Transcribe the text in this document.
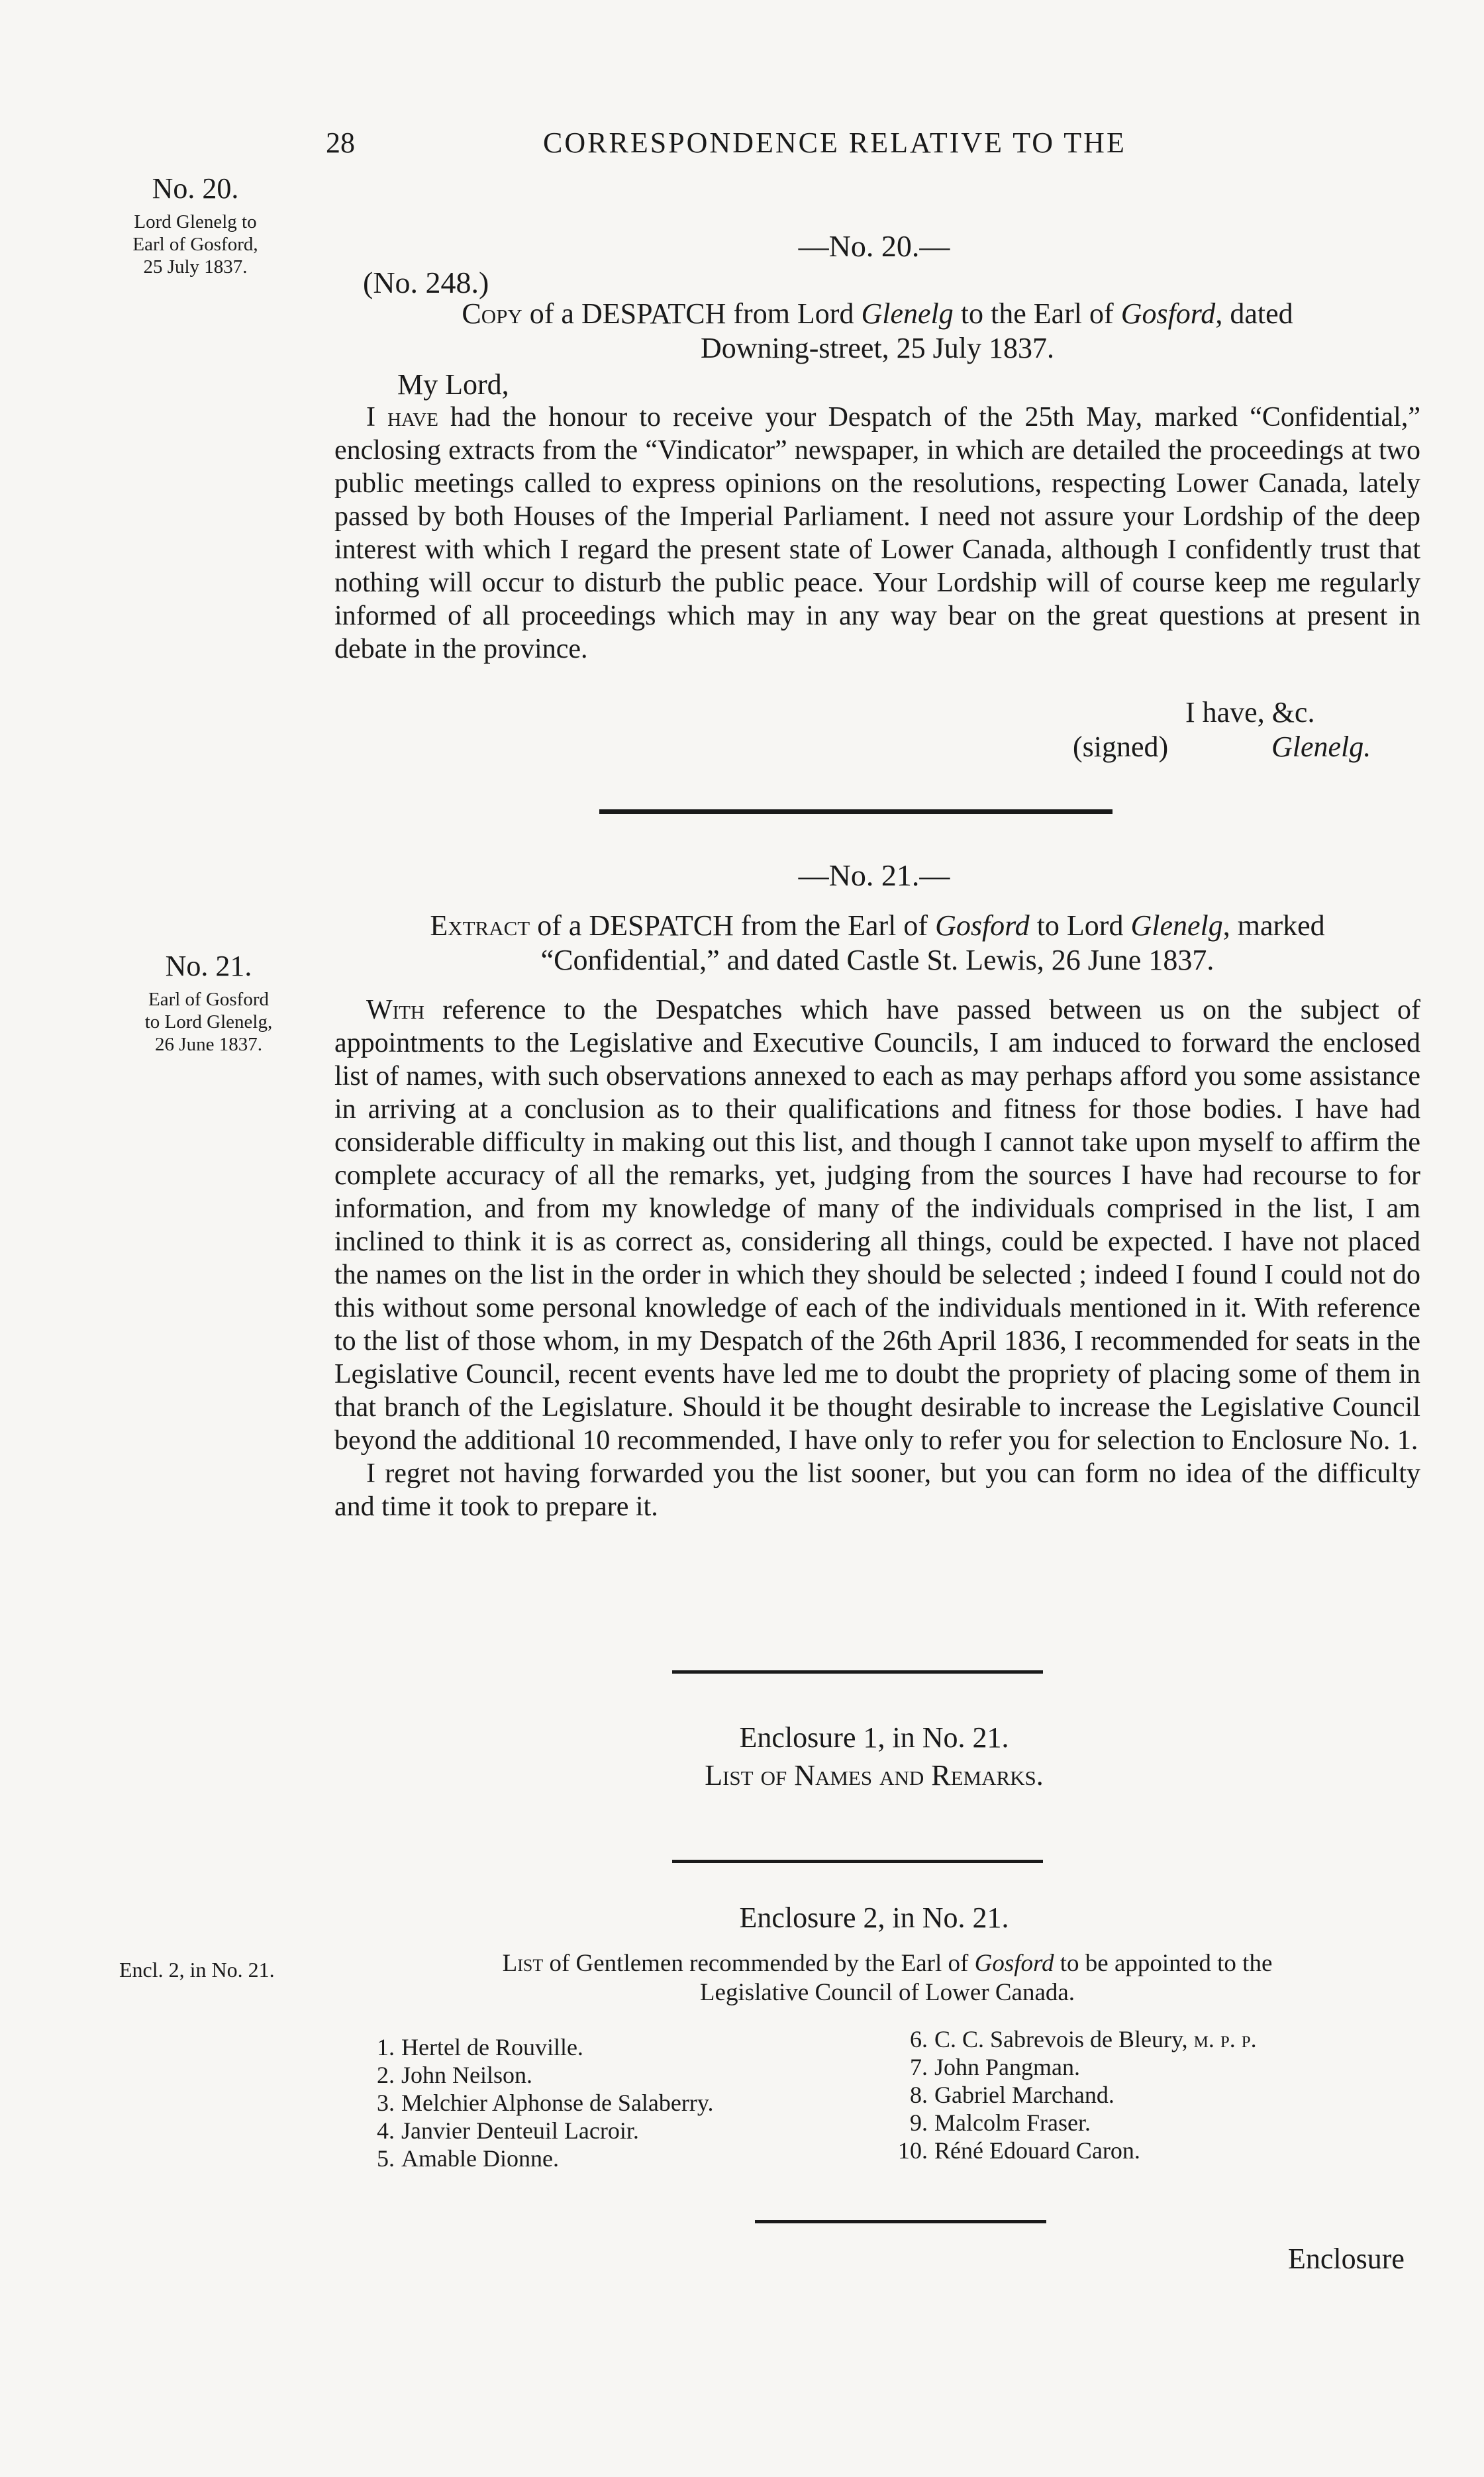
28	CORRESPONDENCE RELATIVE TO THE
No. 20.
Lord Glenelg to
Earl of Gosford,
25 July 1837.
—No. 20.—
(No. 248.)
Copy of a DESPATCH from Lord Glenelg to the Earl of Gosford, dated
Downing-street, 25 July 1837.
My Lord,

I have had the honour to receive your Despatch of the 25th May, marked “Confidential,” enclosing extracts from the “Vindicator” newspaper, in which are detailed the proceedings at two public meetings called to express opinions on the resolutions, respecting Lower Canada, lately passed by both Houses of the Imperial Parliament. I need not assure your Lordship of the deep interest with which I regard the present state of Lower Canada, although I confidently trust that nothing will occur to disturb the public peace. Your Lordship will of course keep me regularly informed of all proceedings which may in any way bear on the great questions at present in debate in the province.

I have, &c.
(signed)	Glenelg.
No. 21.
Earl of Gosford
to Lord Glenelg,
26 June 1837.
—No. 21.—
Extract of a DESPATCH from the Earl of Gosford to Lord Glenelg, marked
“Confidential,” and dated Castle St. Lewis, 26 June 1837.

With reference to the Despatches which have passed between us on the subject of appointments to the Legislative and Executive Councils, I am induced to forward the enclosed list of names, with such observations annexed to each as may perhaps afford you some assistance in arriving at a conclusion as to their qualifications and fitness for those bodies. I have had considerable difficulty in making out this list, and though I cannot take upon myself to affirm the complete accuracy of all the remarks, yet, judging from the sources I have had recourse to for information, and from my knowledge of many of the individuals comprised in the list, I am inclined to think it is as correct as, considering all things, could be expected. I have not placed the names on the list in the order in which they should be selected ; indeed I found I could not do this without some personal knowledge of each of the individuals mentioned in it. With reference to the list of those whom, in my Despatch of the 26th April 1836, I recommended for seats in the Legislative Council, recent events have led me to doubt the propriety of placing some of them in that branch of the Legislature. Should it be thought desirable to increase the Legislative Council beyond the additional 10 recommended, I have only to refer you for selection to Enclosure No. 1.

I regret not having forwarded you the list sooner, but you can form no idea of the difficulty and time it took to prepare it.

Enclosure 1, in No. 21.
List of Names and Remarks.
Enclosure 2, in No. 21.
Encl. 2, in No. 21.	List of Gentlemen recommended by the Earl of Gosford to be appointed to the
Legislative Council of Lower Canada.
1. Hertel de Rouville.
2. John Neilson.
3. Melchier Alphonse de Salaberry.
4. Janvier Denteuil Lacroir.
5. Amable Dionne.
6. C. C. Sabrevois de Bleury, m. p. p.
7. John Pangman.
8. Gabriel Marchand.
9. Malcolm Fraser.
10. Réné Edouard Caron.
Enclosure
